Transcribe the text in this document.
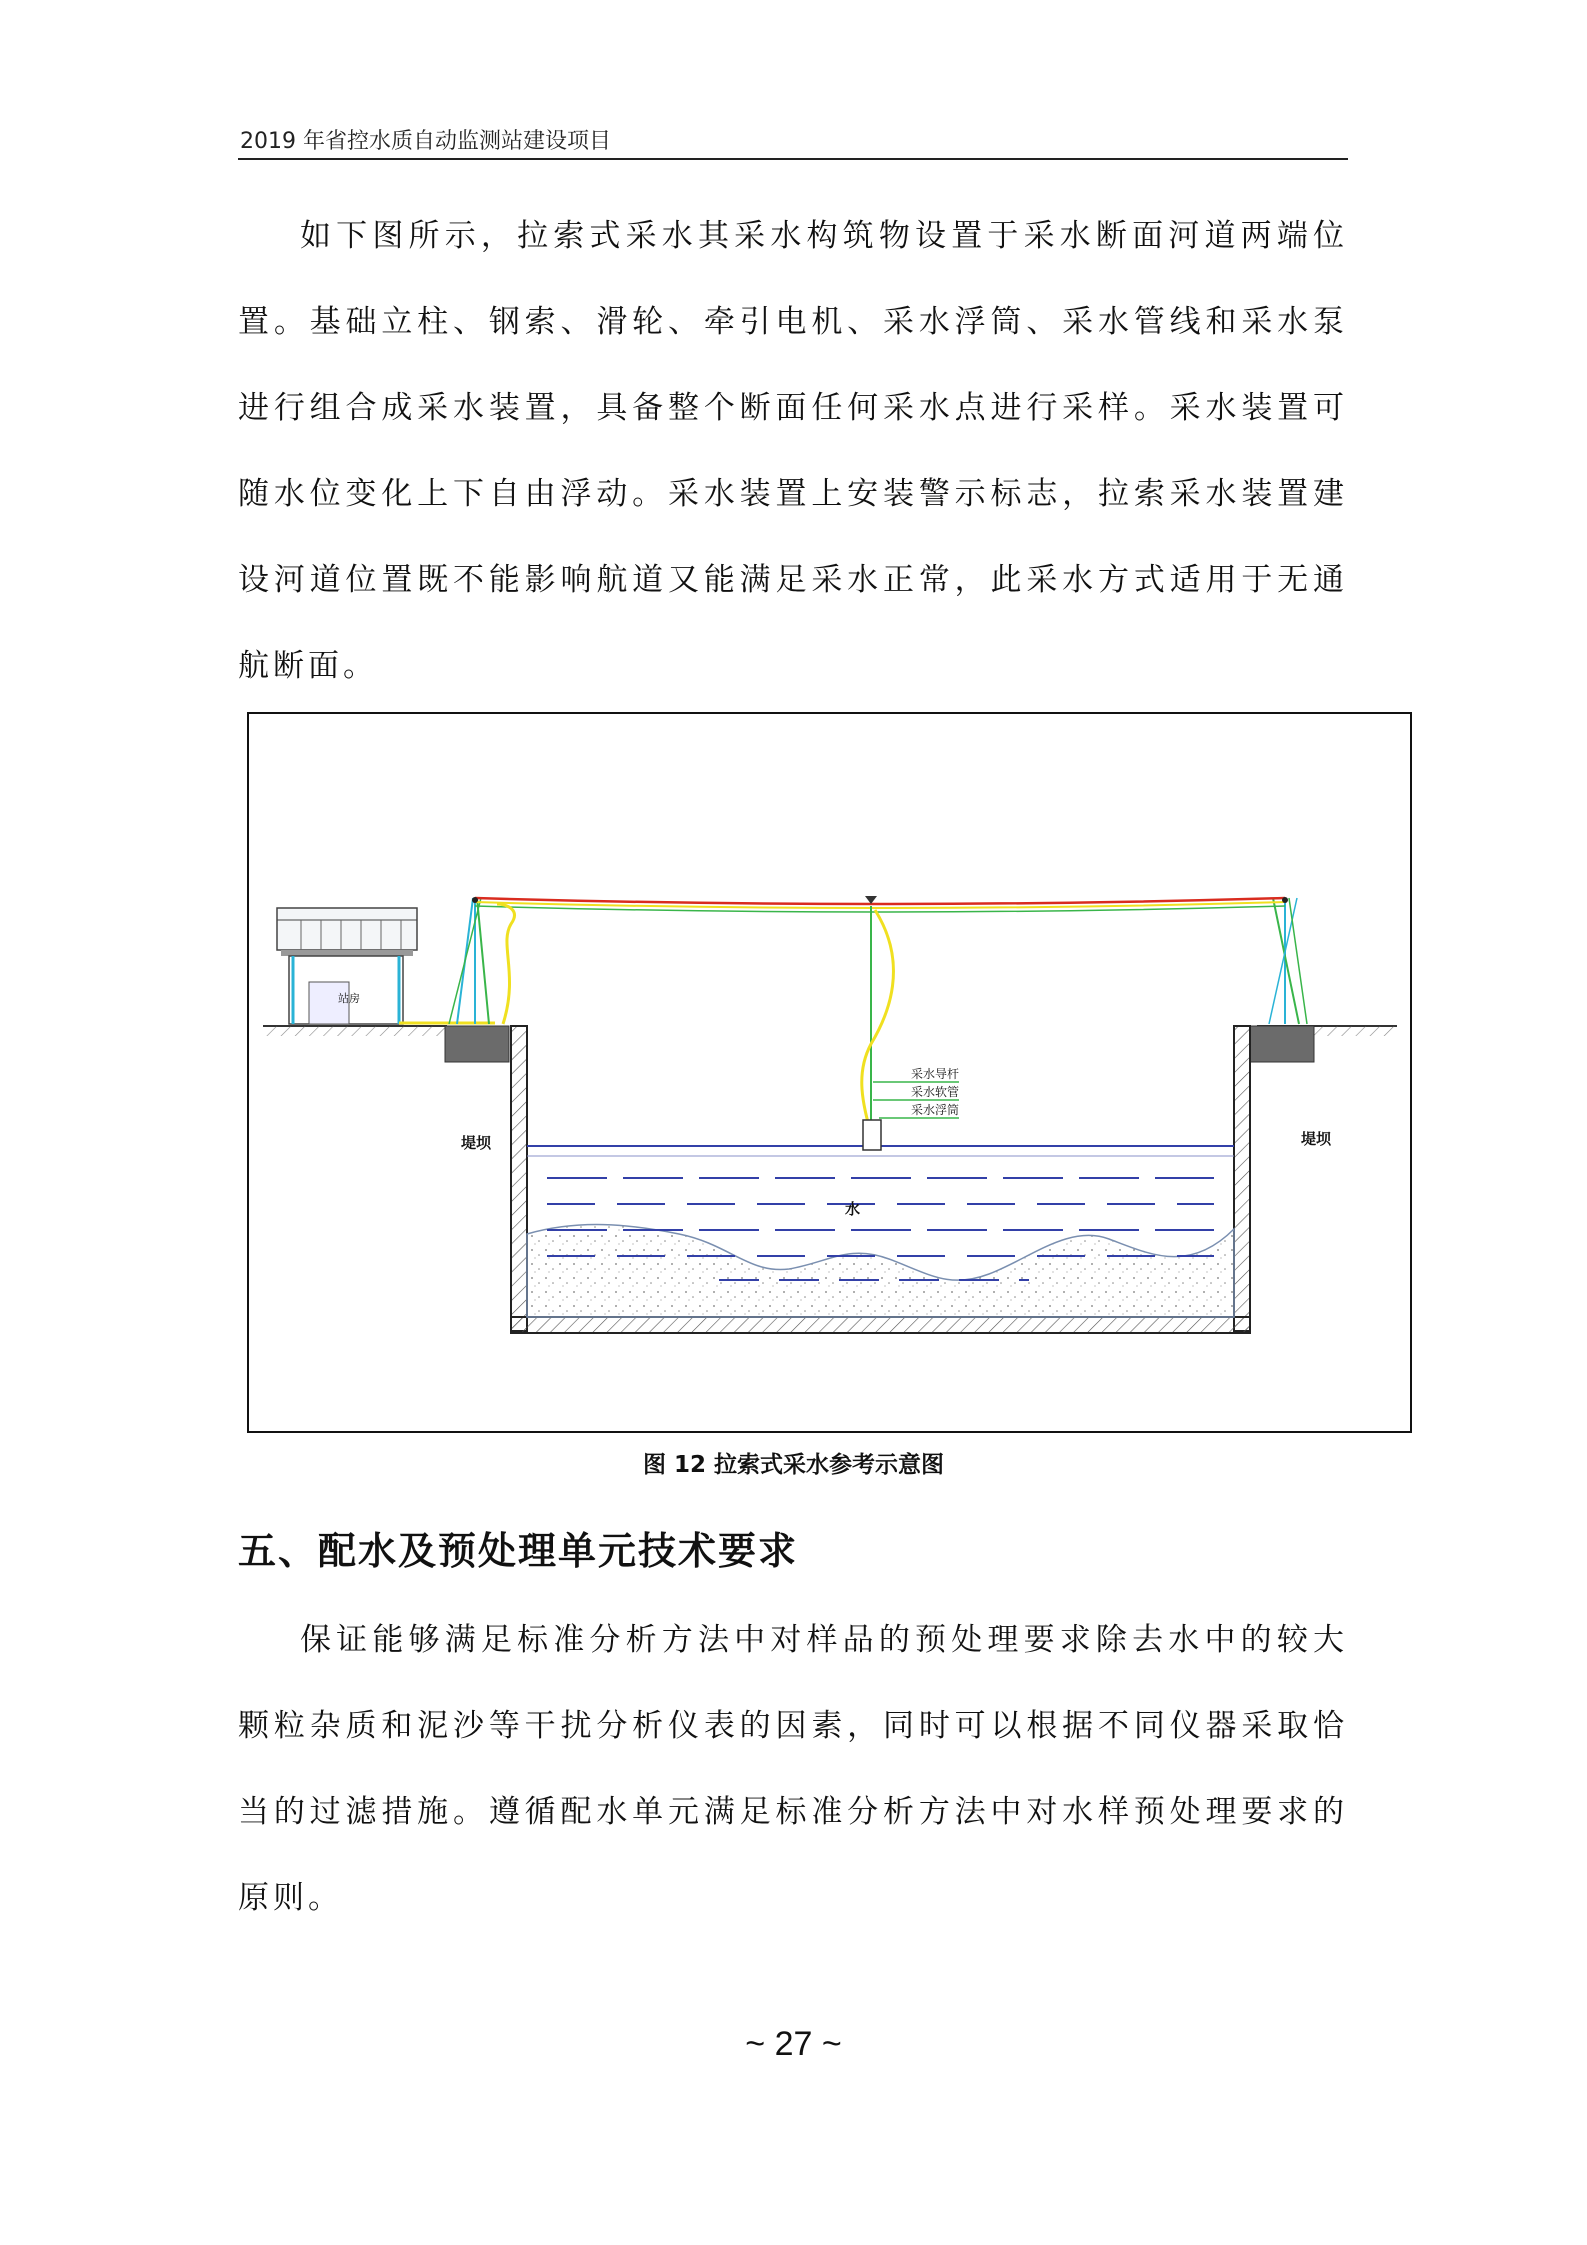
2019 年省控水质自动监测站建设项目

如下图所示，拉索式采水其采水构筑物设置于采水断面河道两端位置。基础立柱、钢索、滑轮、牵引电机、采水浮筒、采水管线和采水泵进行组合成采水装置，具备整个断面任何采水点进行采样。采水装置可随水位变化上下自由浮动。采水装置上安装警示标志，拉索采水装置建设河道位置既不能影响航道又能满足采水正常，此采水方式适用于无通航断面。

站房
采水导杆
采水软管
采水浮筒
堤坝	堤坝
水
图 12 拉索式采水参考示意图
五、配水及预处理单元技术要求

保证能够满足标准分析方法中对样品的预处理要求除去水中的较大颗粒杂质和泥沙等干扰分析仪表的因素，同时可以根据不同仪器采取恰当的过滤措施。遵循配水单元满足标准分析方法中对水样预处理要求的原则。

~ 27 ~
